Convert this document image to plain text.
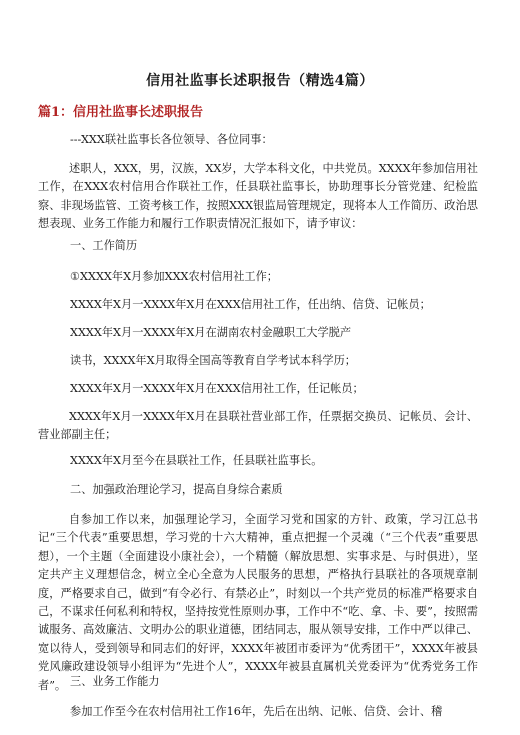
信用社监事长述职报告（精选4篇）
篇1：信用社监事长述职报告

---XXX联社监事长各位领导、各位同事：

述职人，XXX，男，汉族，XX岁，大学本科文化，中共党员。XXXX年参加信用社工作，在XXX农村信用合作联社工作，任县联社监事长，协助理事长分管党建、纪检监察、非现场监管、工资考核工作，按照XXX银监局管理规定，现将本人工作简历、政治思想表现、业务工作能力和履行工作职责情况汇报如下，请予审议：

一、工作简历

①XXXX年X月参加XXX农村信用社工作；

XXXX年X月一XXXX年X月在XXX信用社工作，任出纳、信贷、记帐员；

XXXX年X月一XXXX年X月在湖南农村金融职工大学脱产

读书，XXXX年X月取得全国高等教育自学考试本科学历；

XXXX年X月一XXXX年X月在XXX信用社工作，任记帐员；

XXXX年X月一XXXX年X月在县联社营业部工作，任票据交换员、记帐员、会计、营业部副主任；

XXXX年X月至今在县联社工作，任县联社监事长。

二、加强政治理论学习，提高自身综合素质

自参加工作以来，加强理论学习，全面学习党和国家的方针、政策，学习江总书记“三个代表”重要思想，学习党的十六大精神，重点把握一个灵魂（“三个代表”重要思想），一个主题（全面建设小康社会），一个精髓（解放思想、实事求是、与时俱进），坚定共产主义理想信念，树立全心全意为人民服务的思想，严格执行县联社的各项规章制度，严格要求自己，做到“有令必行、有禁必止”，时刻以一个共产党员的标准严格要求自己，不谋求任何私利和特权，坚持按党性原则办事，工作中不“吃、拿、卡、要”，按照需诚服务、高效廉洁、文明办公的职业道德，团结同志，服从领导安排，工作中严以律己、宽以待人，受到领导和同志们的好评，XXXX年被团市委评为“优秀团干”，XXXX年被县党风廉政建设领导小组评为“先进个人”，XXXX年被县直属机关党委评为“优秀党务工作者”。 三、业务工作能力

参加工作至今在农村信用社工作16年，先后在出纳、记帐、信贷、会计、稽
